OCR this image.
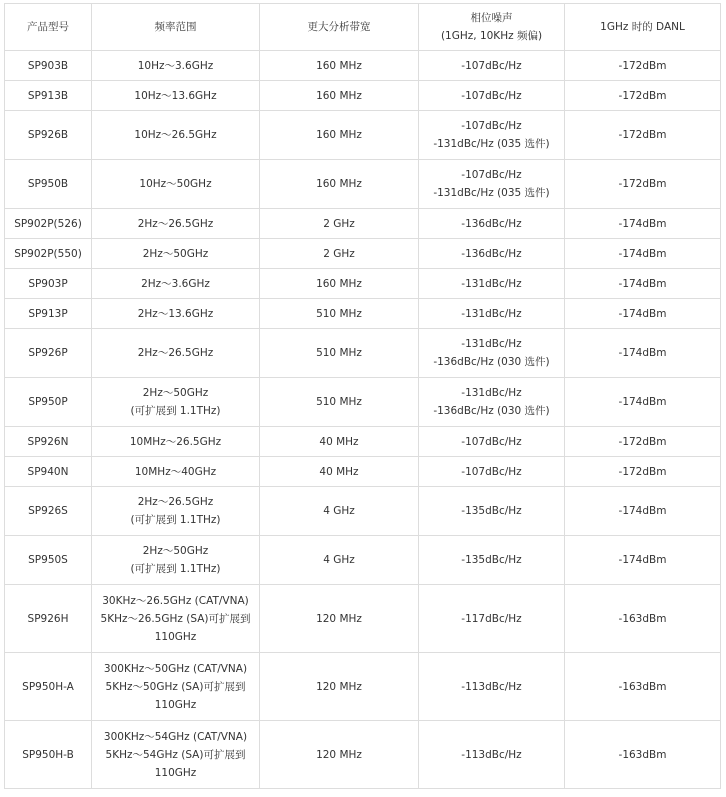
产品型号	频率范围	更大分析带宽	相位噪声
(1GHz, 10KHz 频偏)	1GHz 时的 DANL

SP903B	10Hz～3.6GHz	160 MHz	-107dBc/Hz	-172dBm

SP913B	10Hz～13.6GHz	160 MHz	-107dBc/Hz	-172dBm

SP926B	10Hz～26.5GHz	160 MHz	-107dBc/Hz
-131dBc/Hz (035 选件)	-172dBm

SP950B	10Hz～50GHz	160 MHz	-107dBc/Hz
-131dBc/Hz (035 选件)	-172dBm

SP902P(526)	2Hz～26.5GHz	2 GHz	-136dBc/Hz	-174dBm

SP902P(550)	2Hz～50GHz	2 GHz	-136dBc/Hz	-174dBm

SP903P	2Hz～3.6GHz	160 MHz	-131dBc/Hz	-174dBm

SP913P	2Hz～13.6GHz	510 MHz	-131dBc/Hz	-174dBm

SP926P	2Hz～26.5GHz	510 MHz	-131dBc/Hz
-136dBc/Hz (030 选件)	-174dBm

SP950P	2Hz～50GHz
(可扩展到 1.1THz)	510 MHz	-131dBc/Hz
-136dBc/Hz (030 选件)	-174dBm

SP926N	10MHz～26.5GHz	40 MHz	-107dBc/Hz	-172dBm

SP940N	10MHz～40GHz	40 MHz	-107dBc/Hz	-172dBm

SP926S	2Hz～26.5GHz
(可扩展到 1.1THz)	4 GHz	-135dBc/Hz	-174dBm

SP950S	2Hz～50GHz
(可扩展到 1.1THz)	4 GHz	-135dBc/Hz	-174dBm

SP926H	30KHz～26.5GHz (CAT/VNA)
5KHz～26.5GHz (SA)可扩展到
110GHz	120 MHz	-117dBc/Hz	-163dBm

SP950H-A	300KHz～50GHz (CAT/VNA)
5KHz～50GHz (SA)可扩展到
110GHz	120 MHz	-113dBc/Hz	-163dBm

SP950H-B	300KHz～54GHz (CAT/VNA)
5KHz～54GHz (SA)可扩展到
110GHz	120 MHz	-113dBc/Hz	-163dBm
